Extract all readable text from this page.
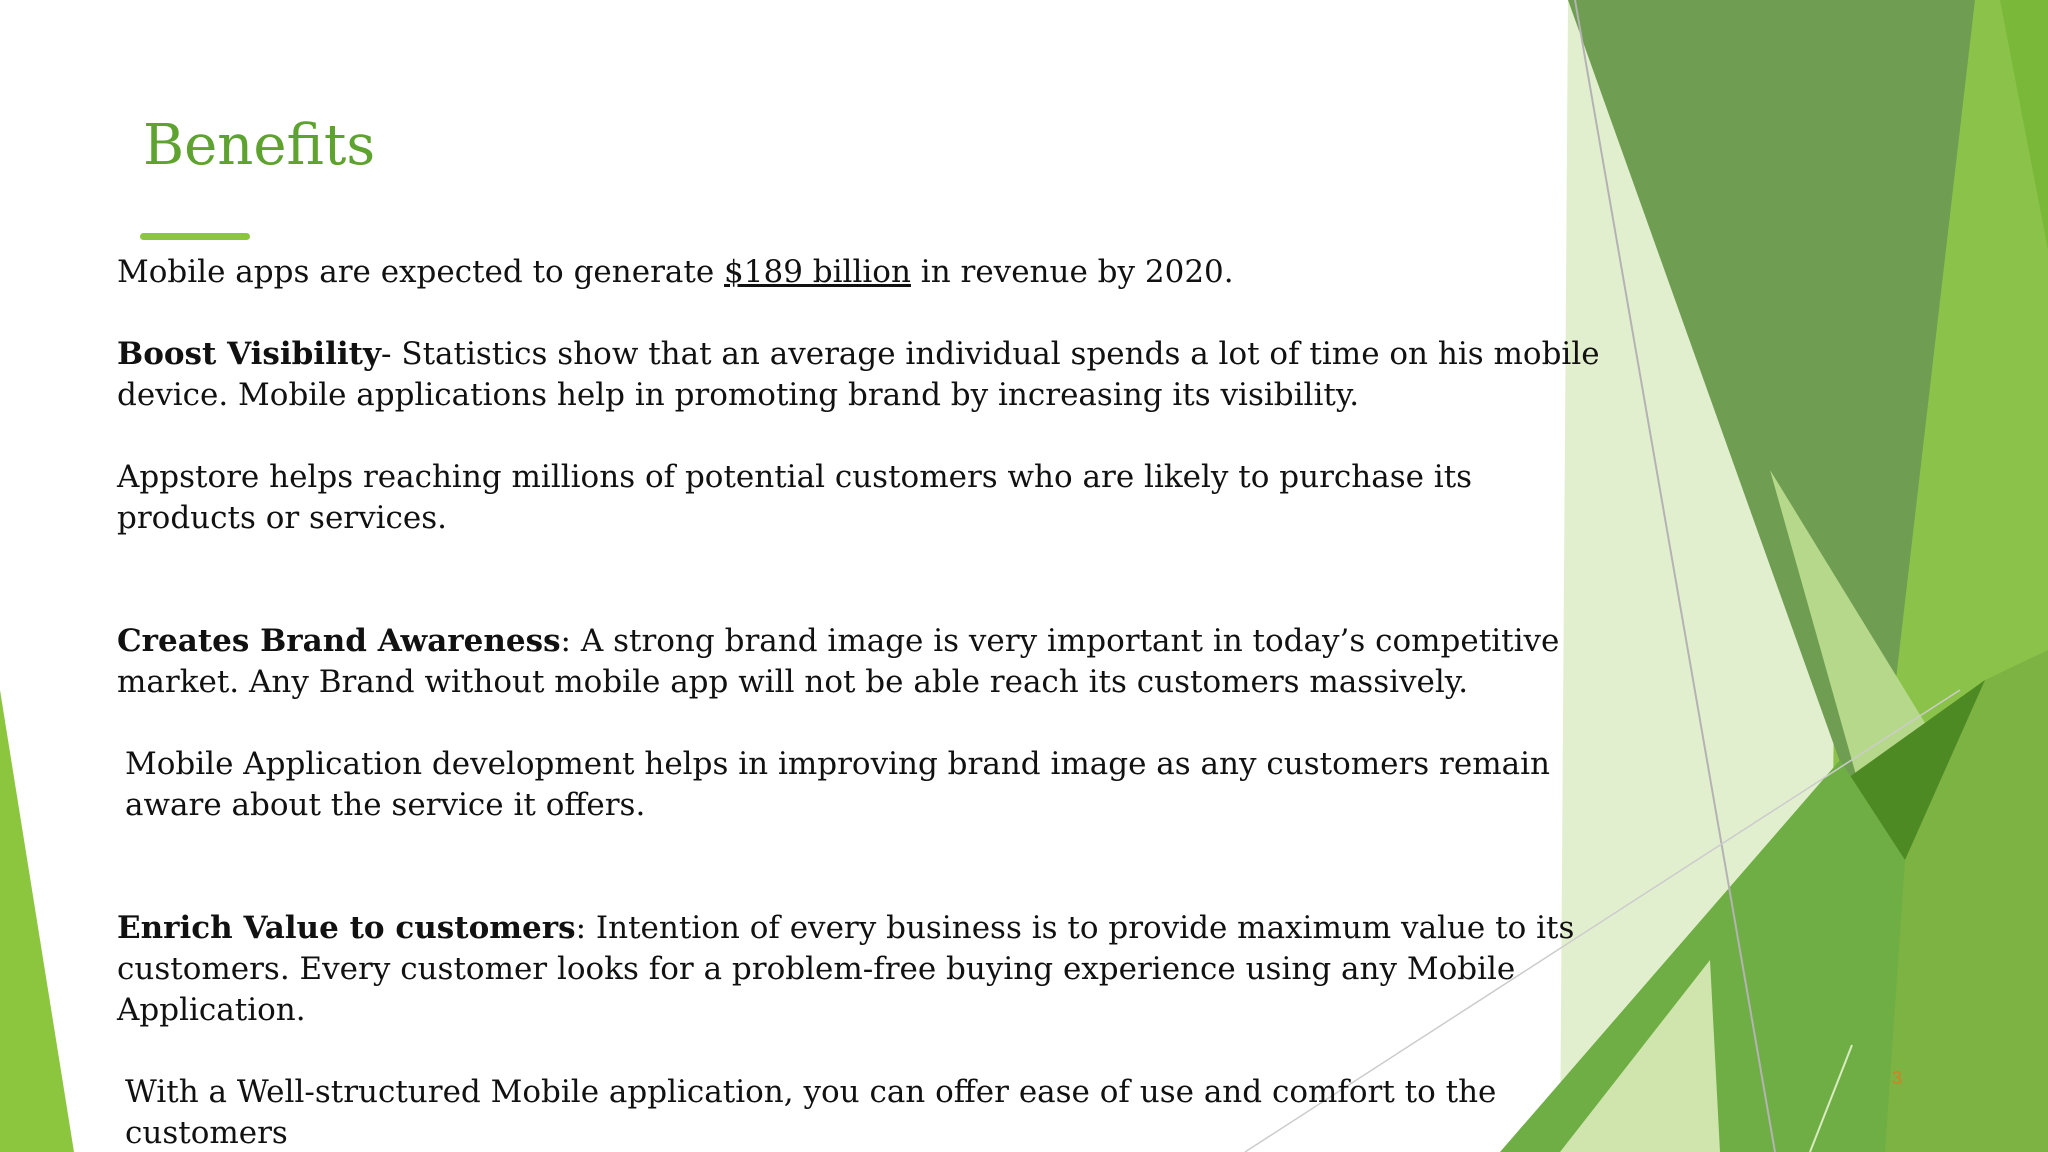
Benefits

Mobile apps are expected to generate $189 billion in revenue by 2020.

Boost Visibility- Statistics show that an average individual spends a lot of time on his mobile device. Mobile applications help in promoting brand by increasing its visibility.

Appstore helps reaching millions of potential customers who are likely to purchase its products or services.

Creates Brand Awareness: A strong brand image is very important in today’s competitive market. Any Brand without mobile app will not be able reach its customers massively.

Mobile Application development helps in improving brand image as any customers remain aware about the service it offers.

Enrich Value to customers: Intention of every business is to provide maximum value to its customers. Every customer looks for a problem-free buying experience using any Mobile Application.

With a Well-structured Mobile application, you can offer ease of use and comfort to the customers

3
